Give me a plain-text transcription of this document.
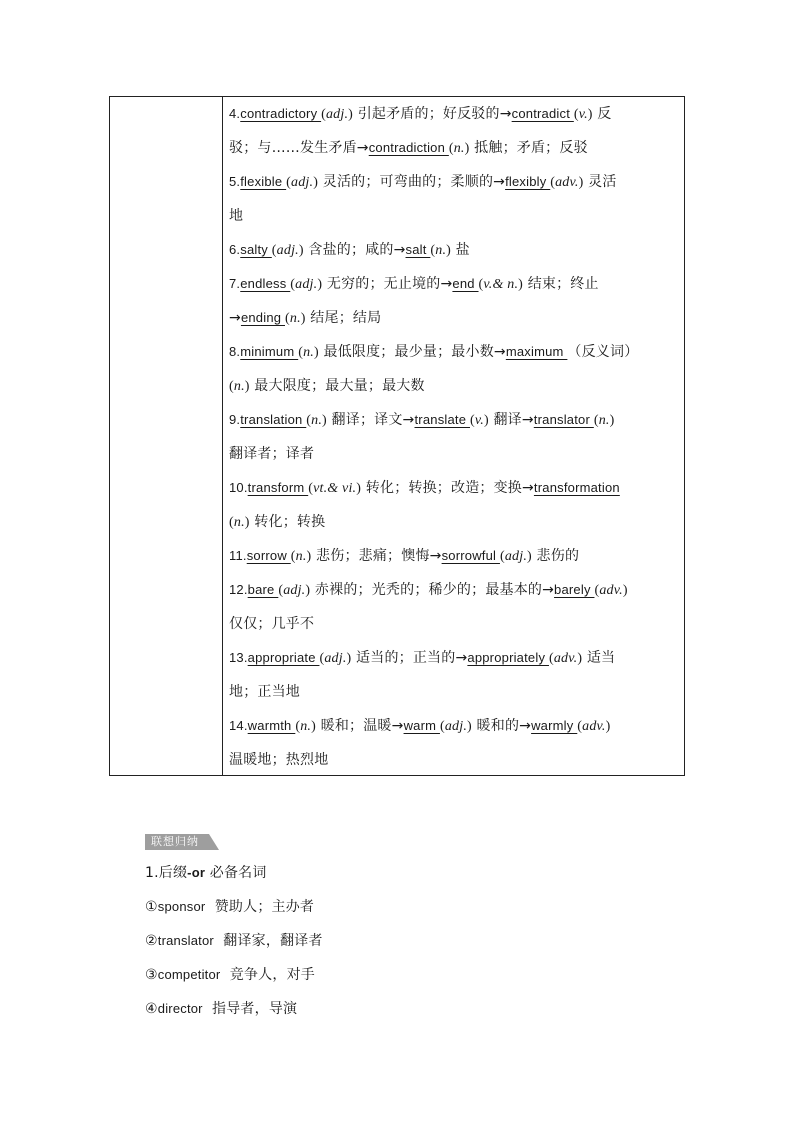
4.contradictory (adj.) 引起矛盾的；好反驳的→contradict (v.) 反
驳；与……发生矛盾→contradiction (n.) 抵触；矛盾；反驳
5.flexible (adj.) 灵活的；可弯曲的；柔顺的→flexibly (adv.) 灵活
地
6.salty (adj.) 含盐的；咸的→salt (n.) 盐
7.endless (adj.) 无穷的；无止境的→end (v.& n.) 结束；终止
→ending (n.) 结尾；结局
8.minimum (n.) 最低限度；最少量；最小数→maximum （反义词）
(n.) 最大限度；最大量；最大数
9.translation (n.) 翻译；译文→translate (v.) 翻译→translator (n.)
翻译者；译者
10.transform (vt.& vi.) 转化；转换；改造；变换→transformation
(n.) 转化；转换
11.sorrow (n.) 悲伤；悲痛；懊悔→sorrowful (adj.) 悲伤的
12.bare (adj.) 赤裸的；光秃的；稀少的；最基本的→barely (adv.)
仅仅；几乎不
13.appropriate (adj.) 适当的；正当的→appropriately (adv.) 适当
地；正当地
14.warmth (n.) 暖和；温暖→warm (adj.) 暖和的→warmly (adv.)
温暖地；热烈地
联想归纳
1.后缀-or 必备名词
①sponsor  赞助人；主办者
②translator  翻译家，翻译者
③competitor  竞争人，对手
④director  指导者，导演
